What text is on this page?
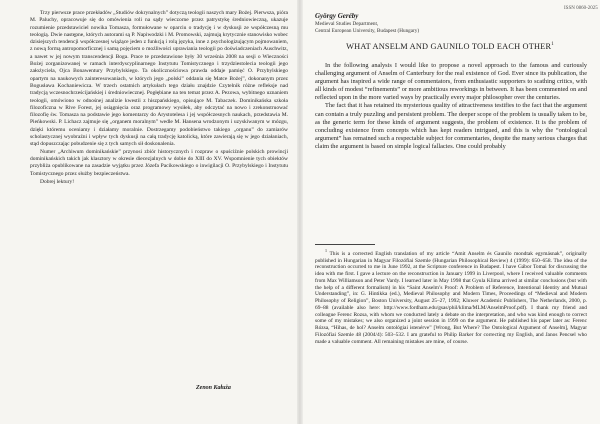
Trzy pierwsze prace przekładów „Studiów dokrynalnych” dotyczą teologii naszych mary Bożej. Pierwsza, pióra M. Paluchy, opracowuje się do omówienia roli na sądy wieczorne przez patrystykę średniowieczną, ukazuje rozumienie przedstawiciel nowika Tomasza, formułowane w oparciu o tradycję i w dyskusji ze współczesną mu teologią. Dwie następne, których autorami są P. Napiwodzki i M. Promowski, zajmują krytycznie stanowisko wobec dzisiejszych tendencji współczesnej wiążące jeden z funkcją i rolą języka, inne z psychologizującym pojmowaniem, z nową formą antropomorficznej i samą pojęciem o możliwości uprawiania teologii po doświadczeniach Auschwitz, a nawet w jej nowym transcendencji Boga. Prace te przedstawione były 30 września 2008 na sesji o Wieczności Bożej zorganizowanej w ramach interdyscyplinarnego Instytutu Tomistycznego i trzydziestolecia teologii jego założyciela, Ojca Bonawentury Przybylskiego. Ta okolicznościowa prawda oddaje pamięć O. Przybylskiego opartym na naukowych zainteresowaniach, w których jego „polski” oddania się Matce Bożej”, dokonanym przez Bogusława Kochaniewicza. W trzech ostatnich artykułach tego działu znajdzie Czytelnik różne refleksje nad tradycją wczesnochrześcijańskiej i średniowiecznej. Pogłębiane na ten temat przez A. Pezowa, wybitnego uznaniem teologii, omówiono w odnośnej analizie kwestii z hiszpańskiego, opisujące M. Tabaczek. Dominikańska szkoła filozoficzna w Rive Forest, jej osiągnięcia oraz programowy wysiłek, aby odczytać na nowo i zrekonstruować filozofię św. Tomasza na podstawie jego komentarzy do Arystotelesa i jej współczesnych naukach, przedstawia M. Pieńkowski. P. Lichacz zajmuje się „organem moralnym” wedle M. Hansena wrodzonym i uzyskiwanym w mózgu, dzięki któremu oceniamy i działamy moralnie. Dostrzegamy podobieństwo takiego „organu” do zamiarów scholastycznej wyobraźni i wpływ tych dyskusji na całą tradycję katolicką, które zawierają się w jego działaniach, stąd dopuszczając pobudzenie się z tych samych sił doskonalenia.

Numer „Archiwum dominikańskie” przynosi zbiór historycznych i rozpraw o spuściźnie polskich prowincji dominikańskich takich jak klasztory w okresie diecezjalnych w dobie do XIII do XV. Wspomnienie tych obiektów przybliża opublikowane na zasadzie wyjątku przez Józefa Pacikowskiego o inwigilacji O. Przybylskiego i Instytutu Tomistycznego przez służby bezpieczeństwa.

Dobrej lektury!

Zenon Kałuża
ISSN 0860-2025
György Geréby
Medieval Studies Department,
Central European University, Budapest (Hungary)
WHAT ANSELM AND GAUNILO TOLD EACH OTHER$^1$

In the following analysis I would like to propose a novel approach to the famous and curiously challenging argument of Anselm of Canterbury for the real existence of God. Ever since its publication, the argument has inspired a wide range of commentators, from enthusiastic supporters to scathing critics, with all kinds of modest “refinements” or more ambitious reworkings in between. It has been commented on and reflected upon in the more varied ways by practically every major philosopher over the centuries.

The fact that it has retained its mysterious quality of attractiveness testifies to the fact that the argument can contain a truly puzzling and persistent problem. The deeper scope of the problem is usually taken to be, as the generic term for these kinds of argument suggests, the problem of existence. It is the problem of concluding existence from concepts which has kept readers intrigued, and this is why the “ontological argument” has remained such a respectable subject for commentaries, despite the many serious charges that claim the argument is based on simple logical fallacies. One could probably

$^1$ This is a corrected English translation of my article “Amit Anselm és Gaunilo mondtak egymásnak”, originally published in Hungarian in Magyar Filozófiai Szemle (Hungarian Philosophical Review) 4 (1999): 650–658. The idea of the reconstruction occurred to me in June 1992, at the Scripture conference in Budapest. I have Gábor Tomai for discussing the idea with me first. I gave a lecture on the reconstruction in January 1999 in Liverpool, where I received valuable comments from Max Williamson and Peter Vardy. I learned later in May 1998 that Gyula Klima arrived at similar conclusions (but with the help of a different formalism) in his “Saint Anselm’s Proof: A Problem of Reference, Intentional Identity and Mutual Understanding”, in: G. Hintikka (ed.), Medieval Philosophy and Modern Times, Proceedings of “Medieval and Modern Philosophy of Religion”, Boston University, August 25–27, 1992; Kluwer Academic Publishers, The Netherlands, 2000, p. 69–88 (available also here: http://www.fordham.edu/gsas/phil/klima/MLM/AnselmProof.pdf). I thank my friend and colleague Ferenc Rozsa, with whom we conducted lately a debate on the interpretation, and who was kind enough to correct some of my mistakes; we also organized a joint session in 1999 on the argument. He published his paper later as: Ferenc Rózsa, “Hihas, de hol? Anselm ontológiai istenérve” [Wrong, But Where? The Ontological Argument of Anselm], Magyar Filozófiai Szemle 48 (2004/4): 503–532. I am grateful to Philip Barker for correcting my English, and Janos Pencsel who made a valuable comment. All remaining mistakes are mine, of course.
